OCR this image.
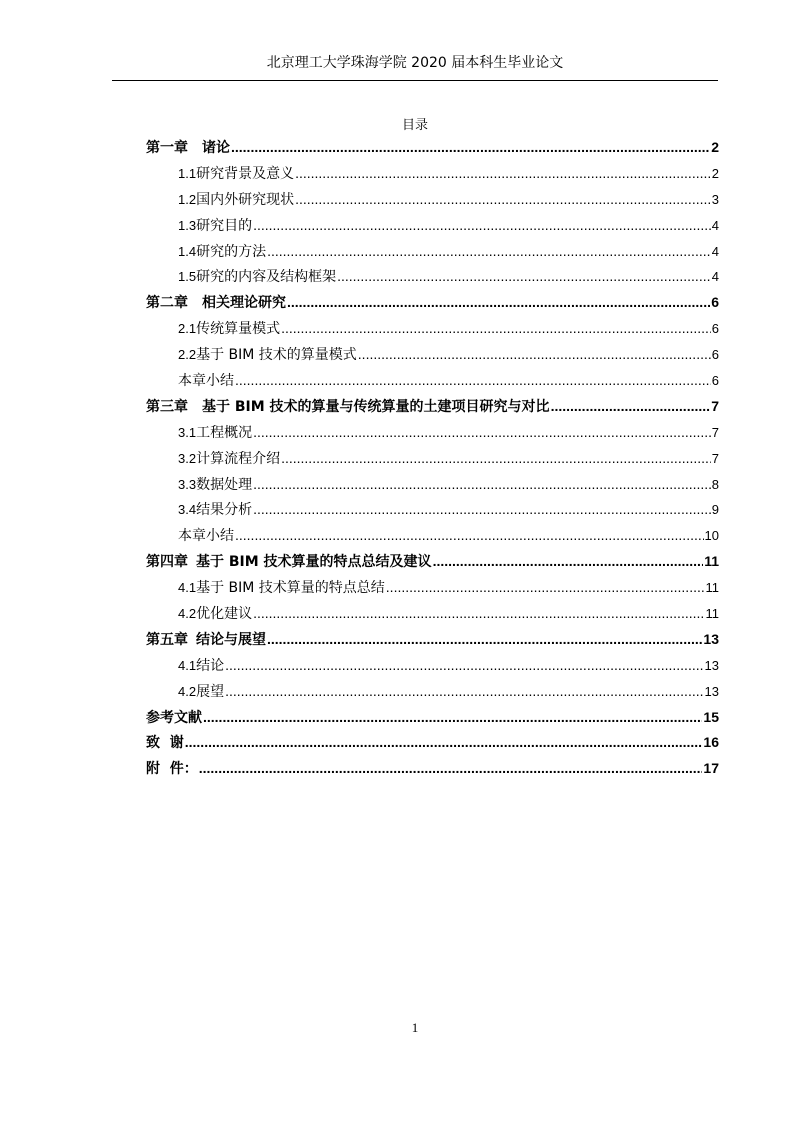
北京理工大学珠海学院 2020 届本科生毕业论文
目录
第一章　 诸论 .....	2
1.1 研究背景及意义 .....	2
1.2 国内外研究现状 .....	3
1.3 研究目的 .....	4
1.4 研究的方法 .....	4
1.5 研究的内容及结构框架 .....	4
第二章　 相关理论研究 .....	6
2.1 传统算量模式 .....	6
2.2 基于 BIM 技术的算量模式 .....	6
本章小结 .....	6
第三章　 基于 BIM 技术的算量与传统算量的土建项目研究与对比 .....	7
3.1 工程概况 .....	7
3.2 计算流程介绍 .....	7
3.3 数据处理 .....	8
3.4 结果分析 .....	9
本章小结 .....	10
第四章 基于 BIM 技术算量的特点总结及建议 .....	11
4.1 基于 BIM 技术算量的特点总结 .....	11
4.2 优化建议 .....	11
第五章 结论与展望 .....	13
4.1 结论 .....	13
4.2 展望 .....	13
参考文献 .....	15
致  谢 .....	16
附  件： .....	17
1
